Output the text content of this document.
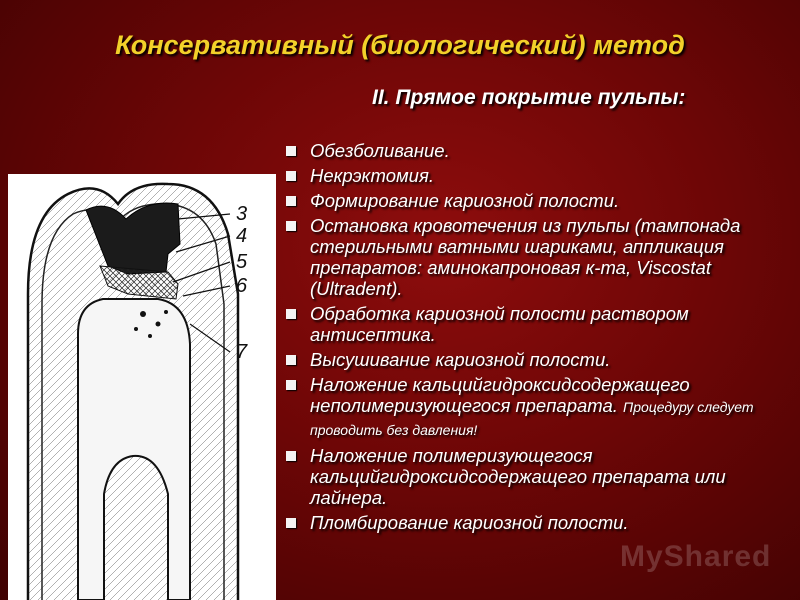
Консервативный (биологический) метод
II. Прямое покрытие пульпы:
3
4
5
6
7
Обезболивание.
Некрэктомия.
Формирование кариозной полости.
Остановка кровотечения из пульпы (тампонада стерильными ватными шариками, аппликация препаратов: аминокапроновая к-та, Viscostat (Ultradent).
Обработка кариозной полости раствором антисептика.
Высушивание кариозной полости.
Наложение кальцийгидроксидсодержащего неполимеризующегося препарата. Процедуру следует проводить без давления!
Наложение полимеризующегося кальцийгидроксидсодержащего препарата или лайнера.
Пломбирование кариозной полости.
MyShared
